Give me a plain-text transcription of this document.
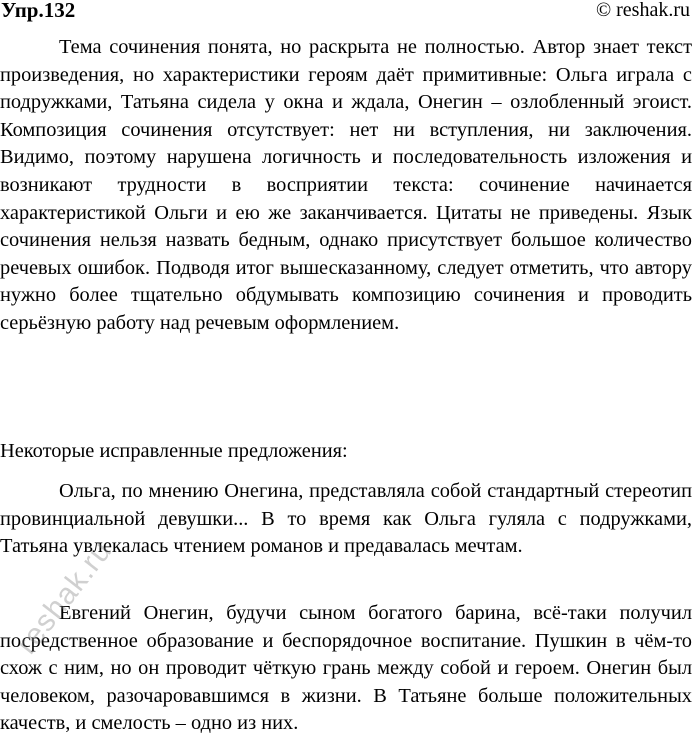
Упр.132	© reshak.ru

Тема сочинения понята, но раскрыта не полностью. Автор знает текст произведения, но характеристики героям даёт примитивные: Ольга играла с подружками, Татьяна сидела у окна и ждала, Онегин – озлобленный эгоист. Композиция сочинения отсутствует: нет ни вступления, ни заключения. Видимо, поэтому нарушена логичность и последовательность изложения и возникают трудности в восприятии текста: сочинение начинается характеристикой Ольги и ею же заканчивается. Цитаты не приведены. Язык сочинения нельзя назвать бедным, однако присутствует большое количество речевых ошибок. Подводя итог вышесказанному, следует отметить, что автору нужно более тщательно обдумывать композицию сочинения и проводить серьёзную работу над речевым оформлением.

Некоторые исправленные предложения:

Ольга, по мнению Онегина, представляла собой стандартный стереотип провинциальной девушки... В то время как Ольга гуляла с подружками, Татьяна увлекалась чтением романов и предавалась мечтам.

Евгений Онегин, будучи сыном богатого барина, всё-таки получил посредственное образование и беспорядочное воспитание. Пушкин в чём-то схож с ним, но он проводит чёткую грань между собой и героем. Онегин был человеком, разочаровавшимся в жизни. В Татьяне больше положительных качеств, и смелость – одно из них.

reshak.ru
